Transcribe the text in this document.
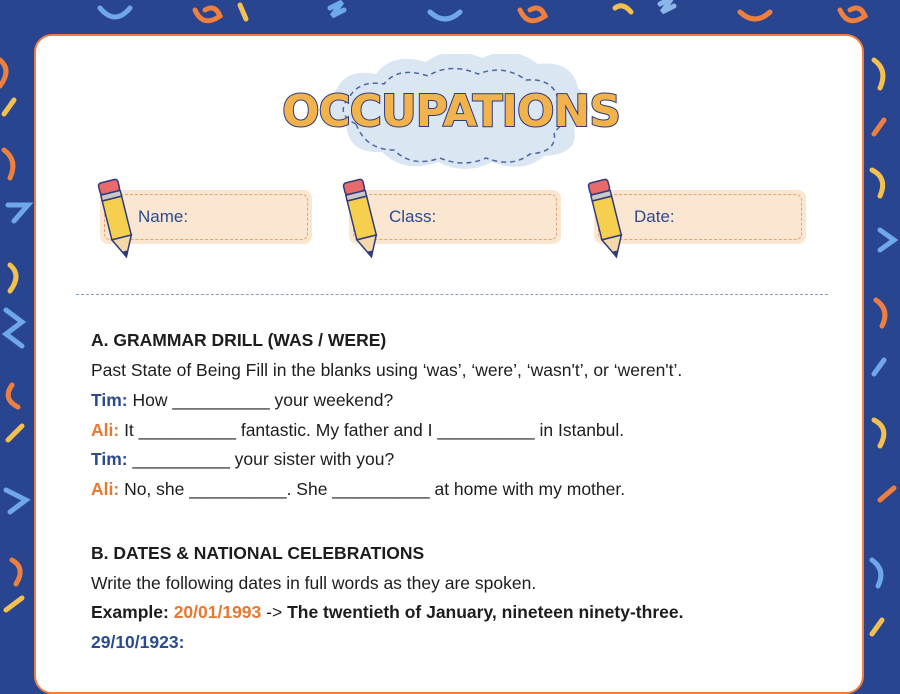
OCCUPATIONS
Name:	Class:	Date:
A. GRAMMAR DRILL (WAS / WERE)
Past State of Being Fill in the blanks using ‘was’, ‘were’, ‘wasn't’, or ‘weren't’.
Tim: How __________ your weekend?
Ali: It __________ fantastic. My father and I __________ in Istanbul.
Tim: __________ your sister with you?
Ali: No, she __________. She __________ at home with my mother.
B. DATES & NATIONAL CELEBRATIONS
Write the following dates in full words as they are spoken.
Example: 20/01/1993 -> The twentieth of January, nineteen ninety-three.
29/10/1923:
